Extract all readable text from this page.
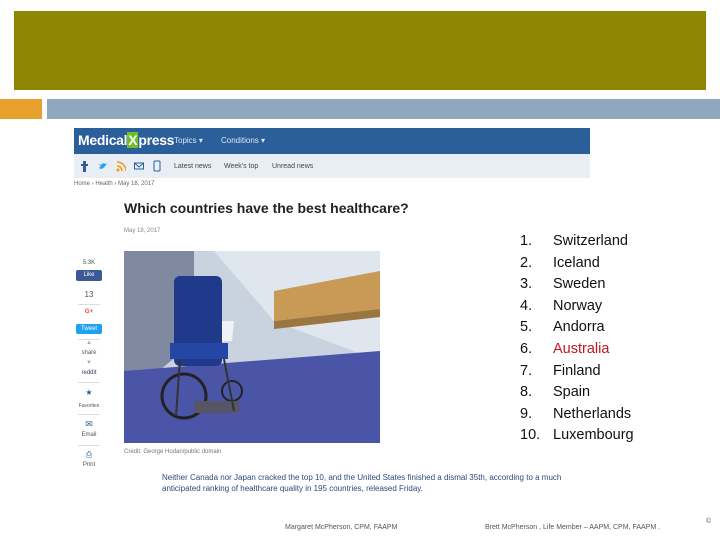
MedicalXpress Topics ▾ Conditions ▾
Latest news Week's top Unread news
Home › Health › May 18, 2017
Which countries have the best healthcare?
May 18, 2017
5.3K
Like
13
G+
Tweet
▲
share
▼
reddit
★
Favorites
✉
Email
⎙
Print
Credit: George Hodan/public domain
Neither Canada nor Japan cracked the top 10, and the United States finished a dismal 35th, according to a much anticipated ranking of healthcare quality in 195 countries, released Friday.
1. Switzerland
2. Iceland
3. Sweden
4. Norway
5. Andorra
6. Australia
7. Finland
8. Spain
9. Netherlands
10. Luxembourg
Margaret McPherson, CPM, FAAPM	Brett McPherson , Life Member – AAPM, CPM, FAAPM .
©
